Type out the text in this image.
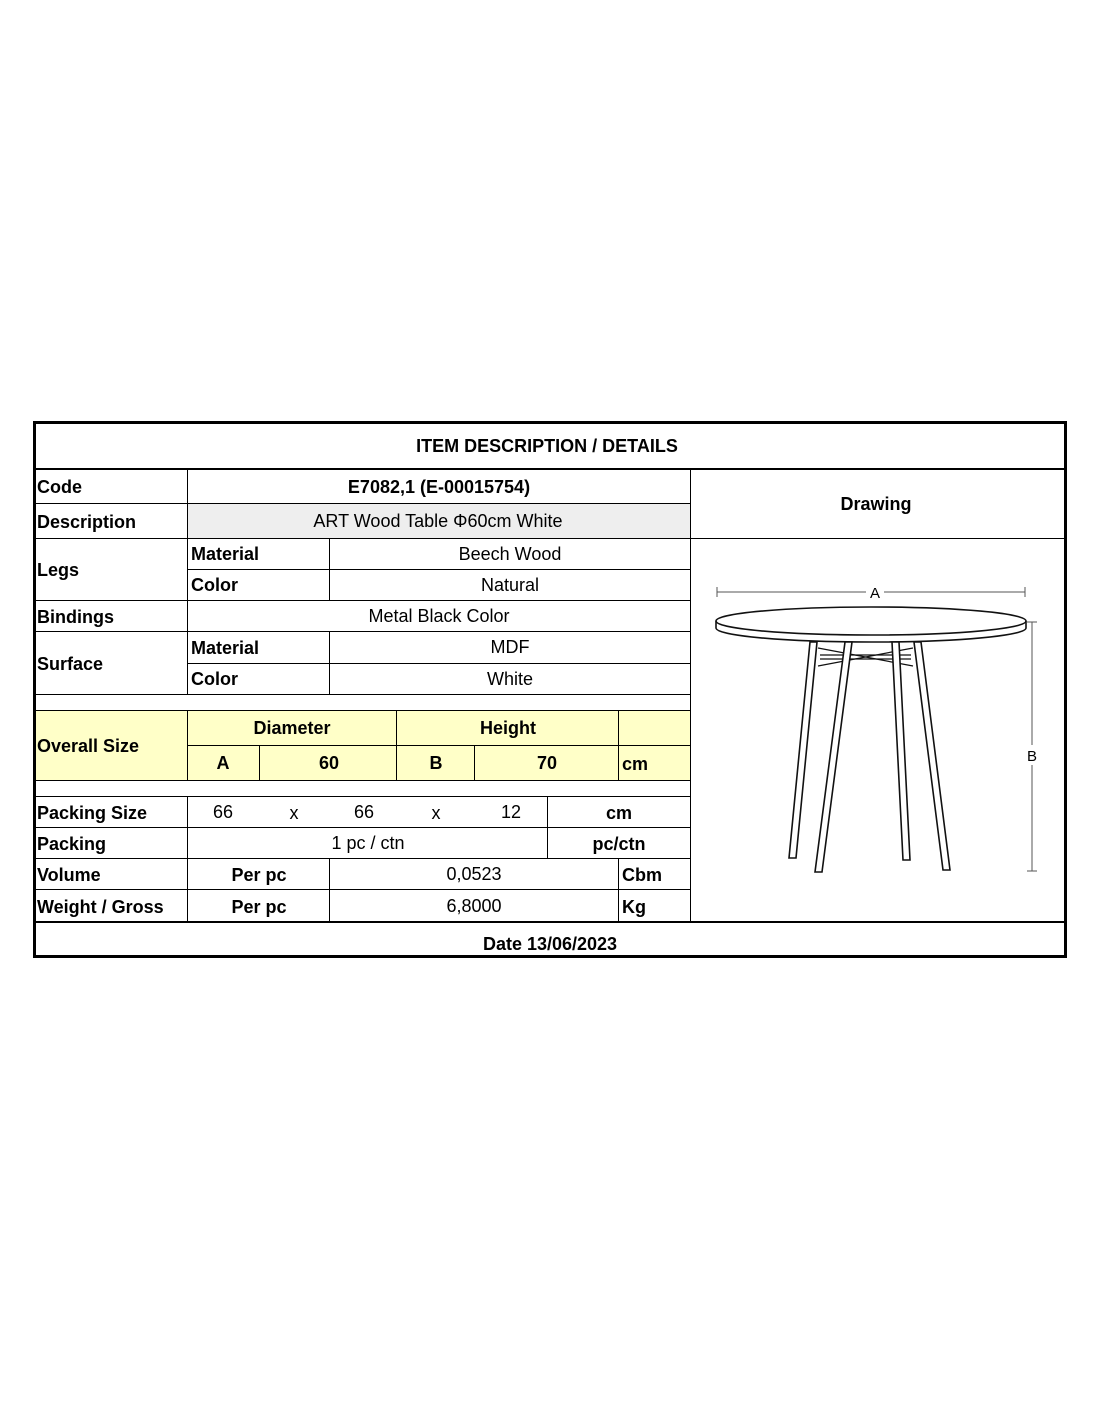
ITEM DESCRIPTION / DETAILS
Code	E7082,1 (E-00015754)
Description	ART Wood Table Φ60cm White
Drawing
Legs
Material	Beech Wood
Color	Natural
Bindings	Metal Black Color
Surface
Material	MDF
Color	White
Overall Size
Diameter	Height
A	60	B	70	cm
Packing Size	66	x	66	x	12	cm
Packing	1 pc / ctn	pc/ctn
Volume	Per pc	0,0523	Cbm
Weight / Gross	Per pc	6,8000	Kg
Date 13/06/2023
A
B
